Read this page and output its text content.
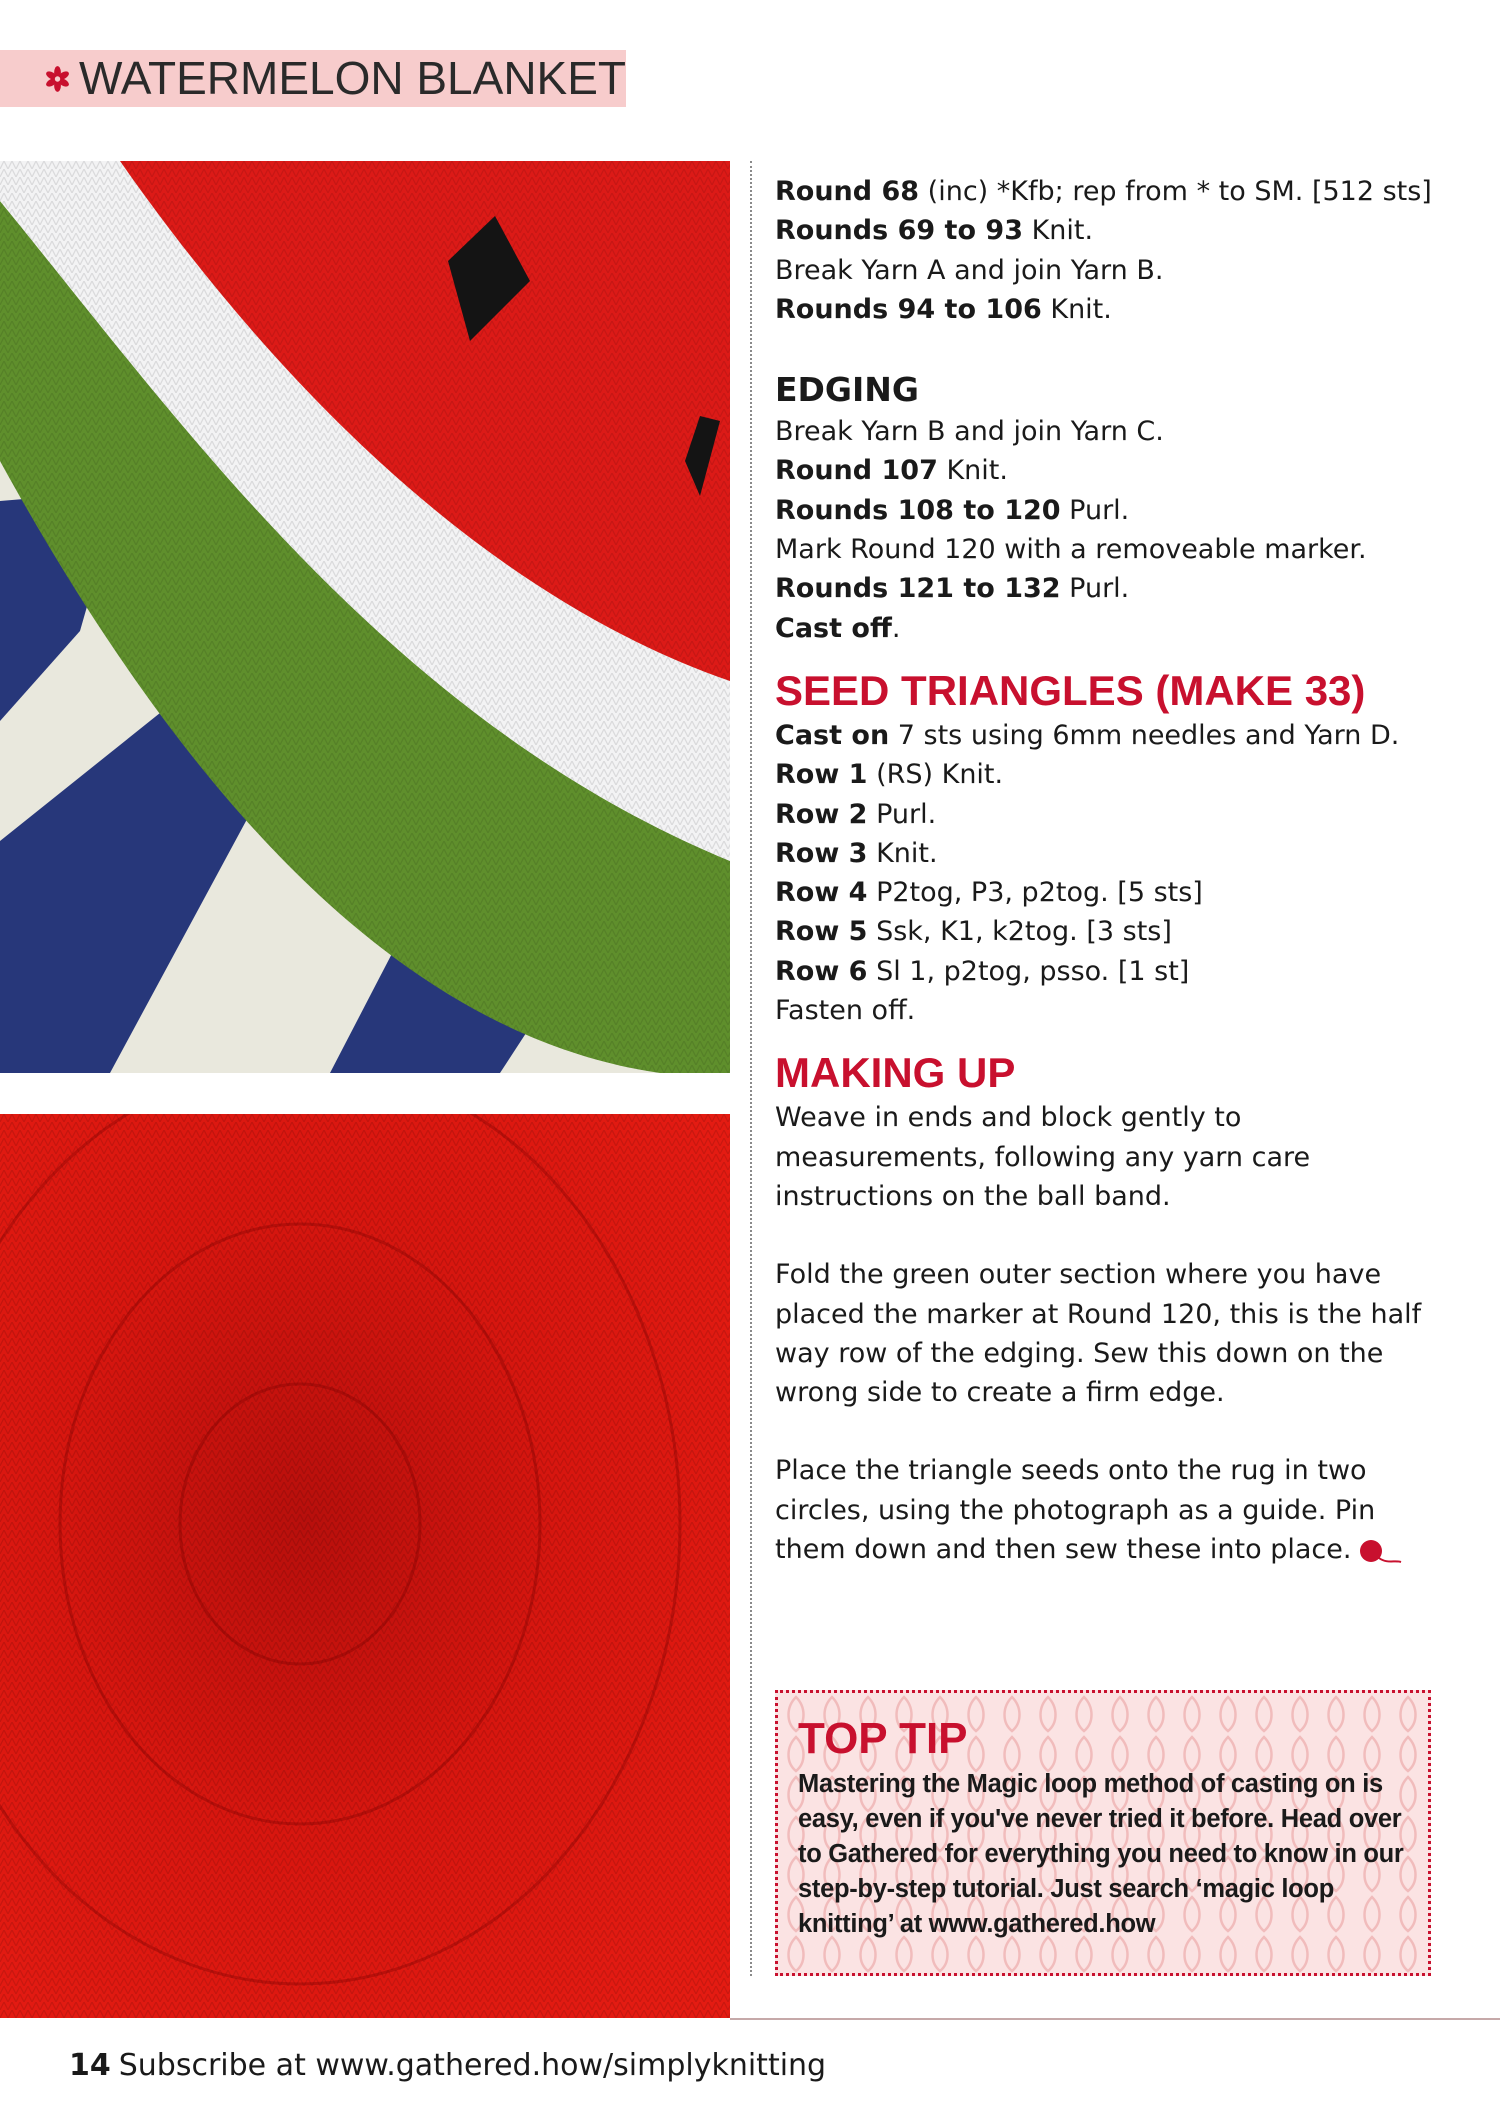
WATERMELON BLANKET

Round 68 (inc) *Kfb; rep from * to SM. [512 sts]

Rounds 69 to 93 Knit.

Break Yarn A and join Yarn B.

Rounds 94 to 106 Knit.

EDGING

Break Yarn B and join Yarn C.

Round 107 Knit.

Rounds 108 to 120 Purl.

Mark Round 120 with a removeable marker.

Rounds 121 to 132 Purl.

Cast off.

SEED TRIANGLES (MAKE 33)

Cast on 7 sts using 6mm needles and Yarn D.

Row 1 (RS) Knit.

Row 2 Purl.

Row 3 Knit.

Row 4 P2tog, P3, p2tog. [5 sts]

Row 5 Ssk, K1, k2tog. [3 sts]

Row 6 Sl 1, p2tog, psso. [1 st]

Fasten off.

MAKING UP

Weave in ends and block gently to

measurements, following any yarn care

instructions on the ball band.

Fold the green outer section where you have

placed the marker at Round 120, this is the half

way row of the edging. Sew this down on the

wrong side to create a firm edge.

Place the triangle seeds onto the rug in two

circles, using the photograph as a guide. Pin

them down and then sew these into place.

TOP TIP

Mastering the Magic loop method of casting on is

easy, even if you've never tried it before. Head over

to Gathered for everything you need to know in our

step-by-step tutorial. Just search ‘magic loop

knitting’ at www.gathered.how

14 Subscribe at www.gathered.how/simplyknitting
